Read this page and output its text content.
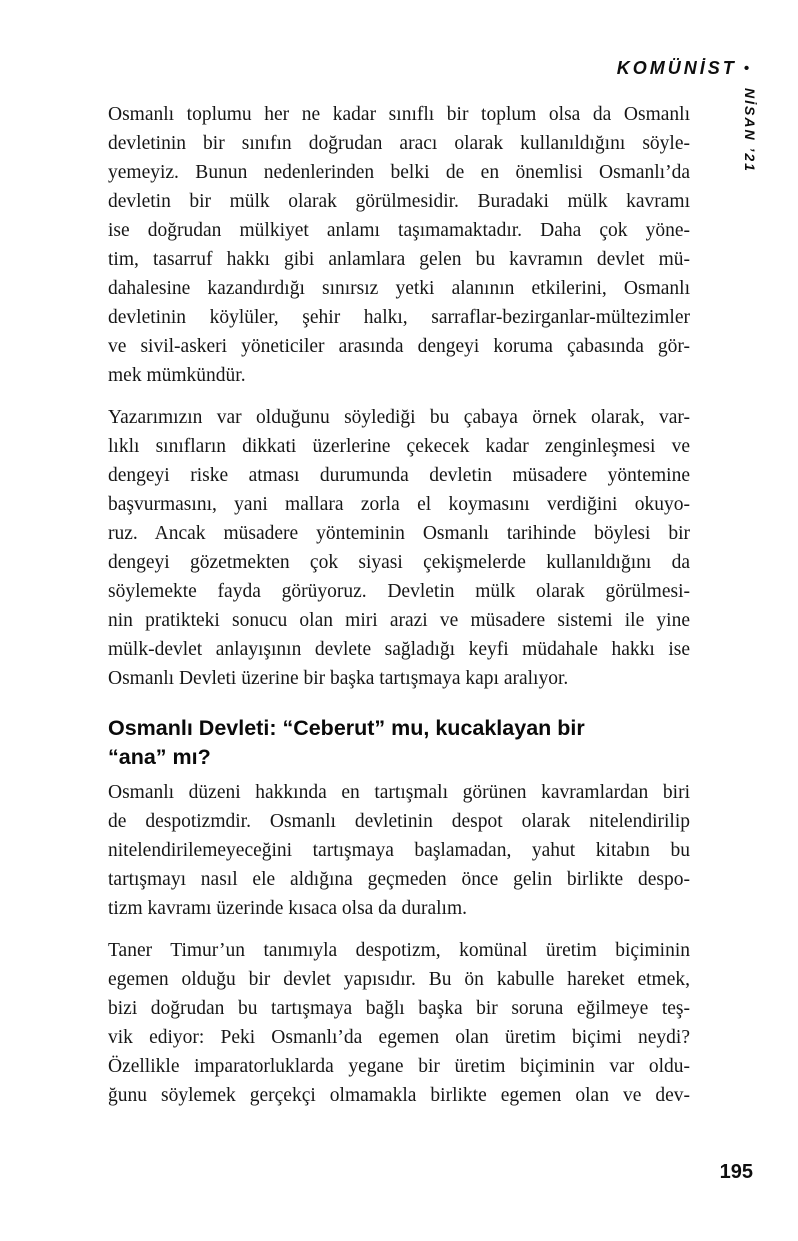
KOMÜNİST •
NİSAN ’21
Osmanlı toplumu her ne kadar sınıflı bir toplum olsa da Osmanlı
devletinin bir sınıfın doğrudan aracı olarak kullanıldığını söyle-
yemeyiz. Bunun nedenlerinden belki de en önemlisi Osmanlı’da
devletin bir mülk olarak görülmesidir. Buradaki mülk kavramı
ise doğrudan mülkiyet anlamı taşımamaktadır. Daha çok yöne-
tim, tasarruf hakkı gibi anlamlara gelen bu kavramın devlet mü-
dahalesine kazandırdığı sınırsız yetki alanının etkilerini, Osmanlı
devletinin köylüler, şehir halkı, sarraflar-bezirganlar-mültezimler
ve sivil-askeri yöneticiler arasında dengeyi koruma çabasında gör-
mek mümkündür.
Yazarımızın var olduğunu söylediği bu çabaya örnek olarak, var-
lıklı sınıfların dikkati üzerlerine çekecek kadar zenginleşmesi ve
dengeyi riske atması durumunda devletin müsadere yöntemine
başvurmasını, yani mallara zorla el koymasını verdiğini okuyo-
ruz. Ancak müsadere yönteminin Osmanlı tarihinde böylesi bir
dengeyi gözetmekten çok siyasi çekişmelerde kullanıldığını da
söylemekte fayda görüyoruz. Devletin mülk olarak görülmesi-
nin pratikteki sonucu olan miri arazi ve müsadere sistemi ile yine
mülk-devlet anlayışının devlete sağladığı keyfi müdahale hakkı ise
Osmanlı Devleti üzerine bir başka tartışmaya kapı aralıyor.
Osmanlı Devleti: “Ceberut” mu, kucaklayan bir
“ana” mı?
Osmanlı düzeni hakkında en tartışmalı görünen kavramlardan biri
de despotizmdir. Osmanlı devletinin despot olarak nitelendirilip
nitelendirilemeyeceğini tartışmaya başlamadan, yahut kitabın bu
tartışmayı nasıl ele aldığına geçmeden önce gelin birlikte despo-
tizm kavramı üzerinde kısaca olsa da duralım.
Taner Timur’un tanımıyla despotizm, komünal üretim biçiminin
egemen olduğu bir devlet yapısıdır. Bu ön kabulle hareket etmek,
bizi doğrudan bu tartışmaya bağlı başka bir soruna eğilmeye teş-
vik ediyor: Peki Osmanlı’da egemen olan üretim biçimi neydi?
Özellikle imparatorluklarda yegane bir üretim biçiminin var oldu-
ğunu söylemek gerçekçi olmamakla birlikte egemen olan ve dev-
195
